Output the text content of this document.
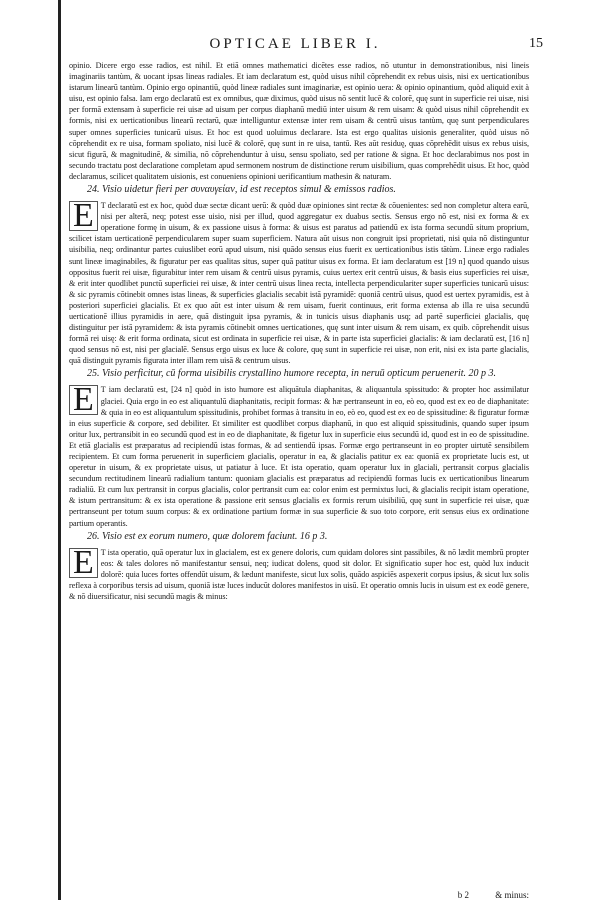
OPTICAE LIBER I.	15

opinio. Dicere ergo esse radios, est nihil. Et etiā omnes mathematici dicētes esse radios, nō utuntur in demonstrationibus, nisi lineis imaginariis tantùm, & uocant ipsas lineas radiales. Et iam declaratum est, quòd uisus nihil cōprehendit ex rebus uisis, nisi ex uerticationibus istarum linearū tantùm. Opinio ergo opinantiū, quòd lineæ radiales sunt imaginariæ, est opinio uera: & opinio opinantium, quòd aliquid exit à uisu, est opinio falsa. Iam ergo declaratū est ex omnibus, quæ diximus, quòd uisus nō sentit lucē & colorē, quę sunt in superficie rei uisæ, nisi per formā extensam à superficie rei uisæ ad uisum per corpus diaphanū mediū inter uisum & rem uisam: & quòd uisus nihil cōprehendit ex formis, nisi ex uerticationibus linearū rectarū, quæ intelliguntur extensæ inter rem uisam & centrū uisus tantùm, quę sunt perpendiculares super omnes superficies tunicarū uisus. Et hoc est quod uoluimus declarare. Ista est ergo qualitas uisionis generaliter, quòd uisus nō cōprehendit ex re uisa, formam spoliato, nisi lucē & colorē, quę sunt in re uisa, tantū. Res aūt residuę, quas cōprehēdit uisus ex rebus uisis, sicut figurā, & magnitudinē, & similia, nō cōprehenduntur à uisu, sensu spoliato, sed per ratione & signa. Et hoc declarabimus nos post in secundo tractatu post declaratione completam apud sermonem nostrum de distinctione rerum uisibilium, quas comprehēdit uisus. Et hoc, quòd declaramus, scilicet qualitatem uisionis, est conueniens opinioni uerificantium mathesin & naturam.

24. Visio uidetur fieri per συναυγείαν, id est receptos simul & emissos radios.

E T declaratū est ex hoc, quòd duæ sectæ dicant uerū: & quòd duæ opiniones sint rectæ & cōuenientes: sed non completur altera earū, nisi per alterā, neq; potest esse uisio, nisi per illud, quod aggregatur ex duabus sectis. Sensus ergo nō est, nisi ex forma & ex operatione formę in uisum, & ex passione uisus à forma: & uisus est paratus ad patiendū ex ista forma secundū situm proprium, scilicet istam uerticationē perpendicularem super suam superficiem. Natura aūt uisus non congruit ipsi proprietati, nisi quia nō distinguntur uisibilia, neq; ordinantur partes cuiuslibet eorū apud uisum, nisi quādo sensus eius fuerit ex uerticationibus istis tātùm. Lineæ ergo radiales sunt lineæ imaginabiles, & figuratur per eas qualitas situs, super quā patitur uisus ex forma. Et iam declaratum est [19 n] quod quando uisus oppositus fuerit rei uisæ, figurabitur inter rem uisam & centrū uisus pyramis, cuius uertex erit centrū uisus, & basis eius superficies rei uisæ, & erit inter quodlibet punctū superficiei rei uisæ, & inter centrū uisus linea recta, intellecta perpendiculariter super superficies tunicarū uisus: & sic pyramis cōtinebit omnes istas lineas, & superficies glacialis secabit istā pyramidē: quoniā centrū uisus, quod est uertex pyramidis, est à posteriori superficiei glacialis. Et ex quo aūt est inter uisum & rem uisam, fuerit continuus, erit forma extensa ab illa re uisa secundū uerticationē illius pyramidis in aere, quā distinguit ipsa pyramis, & in tunicis uisus diaphanis usq; ad partē superficiei glacialis, quę distinguitur per istā pyramidem: & ista pyramis cōtinebit omnes uerticationes, quę sunt inter uisum & rem uisam, ex quib. cōprehendit uisus formā rei uisę: & erit forma ordinata, sicut est ordinata in superficie rei uisæ, & in parte ista superficiei glacialis: & iam declaratū est, [16 n] quod sensus nō est, nisi per glacialē. Sensus ergo uisus ex luce & colore, quę sunt in superficie rei uisæ, non erit, nisi ex ista parte glacialis, quā distinguit pyramis figurata inter illam rem uisā & centrum uisus.

25. Visio perficitur, cū forma uisibilis crystallino humore recepta, in neruū opticum peruenerit. 20 p 3.

E T iam declaratū est, [24 n] quòd in isto humore est aliquātula diaphanitas, & aliquantula spissitudo: & propter hoc assimilatur glaciei. Quia ergo in eo est aliquantulū diaphanitatis, recipit formas: & hæ pertranseunt in eo, eò eo, quod est ex eo de diaphanitate: & quia in eo est aliquantulum spissitudinis, prohibet formas à transitu in eo, eò eo, quod est ex eo de spissitudine: & figuratur formæ in eius superficie & corpore, sed debiliter. Et similiter est quodlibet corpus diaphanū, in quo est aliquid spissitudinis, quando super ipsum oritur lux, pertransibit in eo secundū quod est in eo de diaphanitate, & figetur lux in superficie eius secundū id, quod est in eo de spissitudine. Et etiā glacialis est præparatus ad recipiendū istas formas, & ad sentiendū ipsas. Formæ ergo pertranseunt in eo propter uirtutē sensibilem recipientem. Et cum forma peruenerit in superficiem glacialis, operatur in ea, & glacialis patitur ex ea: quoniā ex proprietate lucis est, ut operetur in uisum, & ex proprietate uisus, ut patiatur à luce. Et ista operatio, quam operatur lux in glaciali, pertransit corpus glacialis secundum rectitudinem linearū radialium tantum: quoniam glacialis est præparatus ad recipiendū formas lucis ex uerticationibus linearum radialiū. Et cum lux pertransit in corpus glacialis, color pertransit cum ea: color enim est permixtus luci, & glacialis recipit istam operatione, & istum pertransitum: & ex ista operatione & passione erit sensus glacialis ex formis rerum uisibiliū, quę sunt in superficie rei uisæ, quæ pertranseunt per totum suum corpus: & ex ordinatione partium formæ in sua superficie & suo toto corpore, erit sensus eius ex ordinatione partium operantis.

26. Visio est ex eorum numero, quæ dolorem faciunt. 16 p 3.

E T ista operatio, quā operatur lux in glacialem, est ex genere doloris, cum quidam dolores sint passibiles, & nō lædit membrū propter eos: & tales dolores nō manifestantur sensui, neq; iudicat dolens, quod sit dolor. Et significatio super hoc est, quòd lux inducit dolorē: quia luces fortes offendūt uisum, & lædunt manifeste, sicut lux solis, quādo aspiciēs aspexerit corpus ipsius, & sicut lux solis reflexa à corporibus tersis ad uisum, quoniā istæ luces inducūt dolores manifestos in uisū. Et operatio omnis lucis in uisum est ex eodē genere, & nō diuersificatur, nisi secundū magis & minus:

b 2	& minus:
